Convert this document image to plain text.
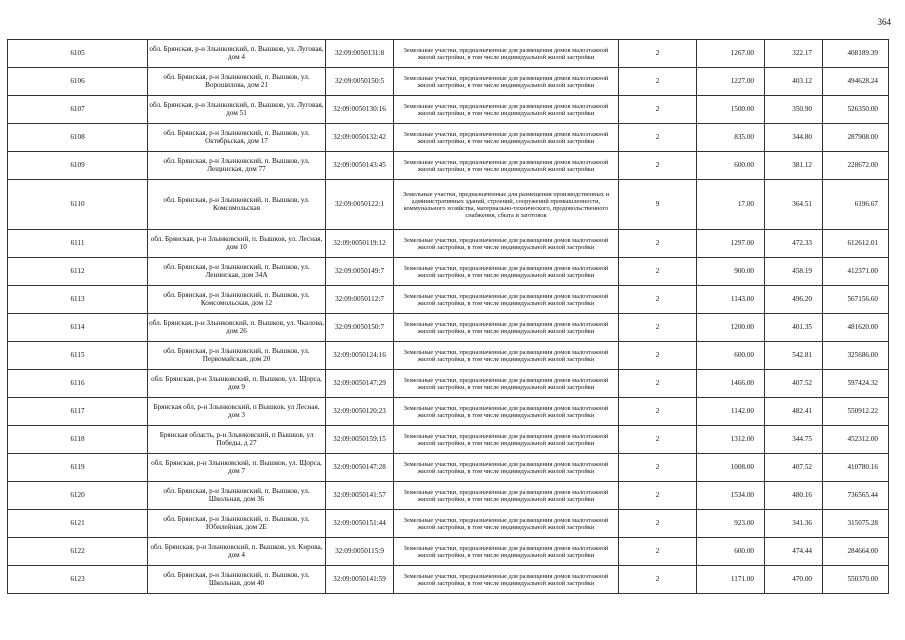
364
6105	обл. Брянская, р-н Злынковский, п. Вышков, ул. Луговая, дом 4	32:09:0050131:8	Земельные участки, предназначенные для размещения домов малоэтажной жилой застройки, в том числе индивидуальной жилой застройки	2	1267.00	322.17	408189.39
6106	обл. Брянская, р-н Злынковский, п. Вышков, ул. Ворошилова, дом 21	32:09:0050150:5	Земельные участки, предназначенные для размещения домов малоэтажной жилой застройки, в том числе индивидуальной жилой застройки	2	1227.00	403.12	494628.24
6107	обл. Брянская, р-н Злынковский, п. Вышков, ул. Луговая, дом 51	32:09:0050130:16	Земельные участки, предназначенные для размещения домов малоэтажной жилой застройки, в том числе индивидуальной жилой застройки	2	1500.00	350.90	526350.00
6108	обл. Брянская, р-н Злынковский, п. Вышков, ул. Октябрьская, дом 17	32:09:0050132:42	Земельные участки, предназначенные для размещения домов малоэтажной жилой застройки, в том числе индивидуальной жилой застройки	2	835.00	344.80	287908.00
6109	обл. Брянская, р-н Злынковский, п. Вышков, ул. Лещинская, дом 77	32:09:0050143:45	Земельные участки, предназначенные для размещения домов малоэтажной жилой застройки, в том числе индивидуальной жилой застройки	2	600.00	381.12	228672.00
6110	обл. Брянская, р-н Злынковский, п. Вышков, ул. Комсомольская	32:09:0050122:1	Земельные участки, предназначенные для размещения производственных и административных зданий, строений, сооружений промышленности, коммунального хозяйства, материально-технического, продовольственного снабжения, сбыта и заготовок	9	17.00	364.51	6196.67
6111	обл. Брянская, р-н Злынковский, п. Вышков, ул. Лесная, дом 10	32:09:0050119:12	Земельные участки, предназначенные для размещения домов малоэтажной жилой застройки, в том числе индивидуальной жилой застройки	2	1297.00	472.33	612612.01
6112	обл. Брянская, р-н Злынковский, п. Вышков, ул. Ленинская, дом 34А	32:09:0050149:7	Земельные участки, предназначенные для размещения домов малоэтажной жилой застройки, в том числе индивидуальной жилой застройки	2	900.00	458.19	412371.00
6113	обл. Брянская, р-н Злынковский, п. Вышков, ул. Комсомольская, дом 12	32:09:0050112:7	Земельные участки, предназначенные для размещения домов малоэтажной жилой застройки, в том числе индивидуальной жилой застройки	2	1143.00	496.20	567156.60
6114	обл. Брянская, р-н Злынковский, п. Вышков, ул. Чкалова, дом 26	32:09:0050150:7	Земельные участки, предназначенные для размещения домов малоэтажной жилой застройки, в том числе индивидуальной жилой застройки	2	1200.00	401.35	481620.00
6115	обл. Брянская, р-н Злынковский, п. Вышков, ул. Первомайская, дом 20	32:09:0050124:16	Земельные участки, предназначенные для размещения домов малоэтажной жилой застройки, в том числе индивидуальной жилой застройки	2	600.00	542.81	325686.00
6116	обл. Брянская, р-н Злынковский, п. Вышков, ул. Щорса, дом 9	32:09:0050147:29	Земельные участки, предназначенные для размещения домов малоэтажной жилой застройки, в том числе индивидуальной жилой застройки	2	1466.00	407.52	597424.32
6117	Брянская обл, р-н Злынковский, п Вышков, ул Лесная, дом 3	32:09:0050120:23	Земельные участки, предназначенные для размещения домов малоэтажной жилой застройки, в том числе индивидуальной жилой застройки	2	1142.00	482.41	550912.22
6118	Брянская область, р-н Злынковский, п Вышков, ул Победы, д 27	32:09:0050159:15	Земельные участки, предназначенные для размещения домов малоэтажной жилой застройки, в том числе индивидуальной жилой застройки	2	1312.00	344.75	452312.00
6119	обл. Брянская, р-н Злынковский, п. Вышков, ул. Щорса, дом 7	32:09:0050147:28	Земельные участки, предназначенные для размещения домов малоэтажной жилой застройки, в том числе индивидуальной жилой застройки	2	1008.00	407.52	410780.16
6120	обл. Брянская, р-н Злынковский, п. Вышков, ул. Школьная, дом 36	32:09:0050141:57	Земельные участки, предназначенные для размещения домов малоэтажной жилой застройки, в том числе индивидуальной жилой застройки	2	1534.00	480.16	736565.44
6121	обл. Брянская, р-н Злынковский, п. Вышков, ул. Юбилейная, дом 2Е	32:09:0050151:44	Земельные участки, предназначенные для размещения домов малоэтажной жилой застройки, в том числе индивидуальной жилой застройки	2	923.00	341.36	315075.28
6122	обл. Брянская, р-н Злынковский, п. Вышков, ул. Кирова, дом 4	32:09:0050115:9	Земельные участки, предназначенные для размещения домов малоэтажной жилой застройки, в том числе индивидуальной жилой застройки	2	600.00	474.44	284664.00
6123	обл. Брянская, р-н Злынковский, п. Вышков, ул. Школьная, дом 40	32:09:0050141:59	Земельные участки, предназначенные для размещения домов малоэтажной жилой застройки, в том числе индивидуальной жилой застройки	2	1171.00	470.00	550370.00
